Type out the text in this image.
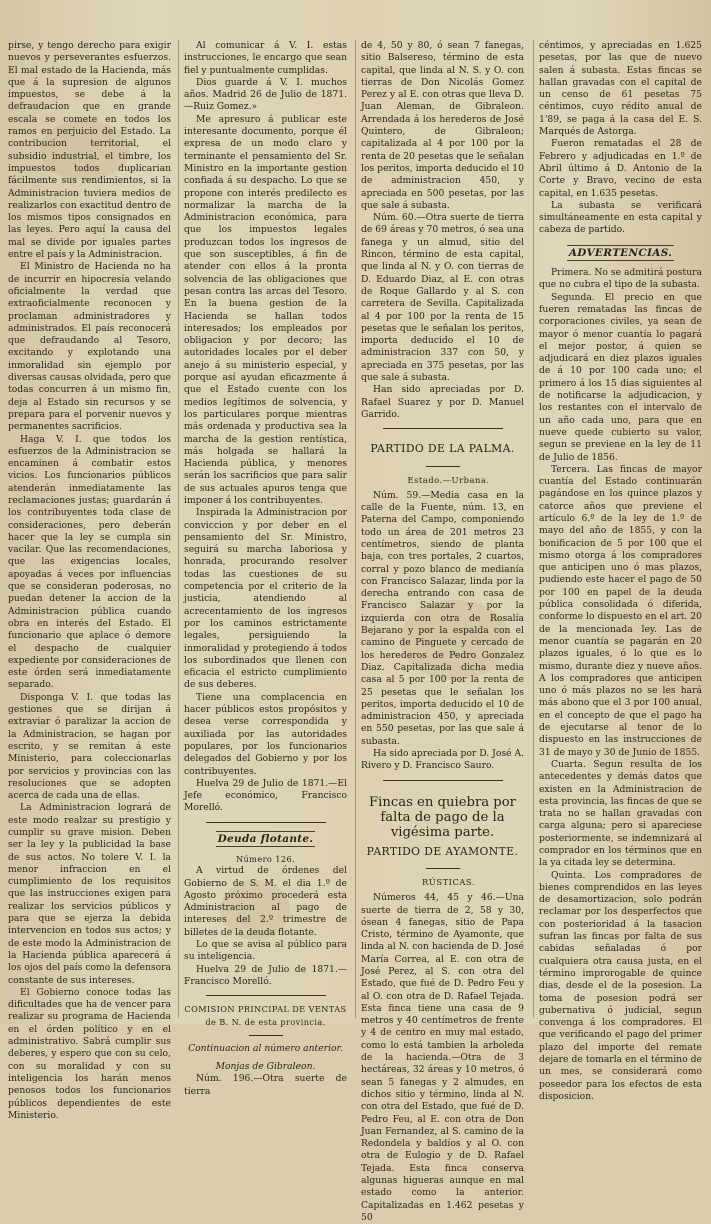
pirse, y tengo derecho para exigir nuevos y perseverantes esfuerzos. El mal estado de la Hacienda, más que á la supresion de algunos impuestos, se debe á la defraudacion que en grande escala se comete en todos los ramos en perjuicio del Estado. La contribucion territorial, el subsidio industrial, el timbre, los impuestos todos duplicarian fácilmente sus rendimientos, si la Administracion tuviera medios de realizarlos con exactitud dentro de los mismos tipos consignados en las leyes. Pero aquí la causa del mal se divide por iguales partes entre el país y la Administracion.

El Ministro de Hacienda no ha de incurrir en hipocresía velando oficialmente la verdad que extraoficialmente reconocen y proclaman administradores y administrados. El país reconocerá que defraudando al Tesoro, excitando y explotando una inmoralidad sin ejemplo por diversas causas olvidada, pero que todas concurren á un mismo fin, deja al Estado sin recursos y se prepara para el porvenir nuevos y permanentes sacrificios.

Haga V. I. que todos los esfuerzos de la Administracion se encaminen á combatir estos vicios. Los funcionarios públicos atenderán inmediatamente las reclamaciones justas; guardarán á los contribuyentes toda clase de consideraciones, pero deberán hacer que la ley se cumpla sin vacilar. Que las recomendaciones, que las exigencias locales, apoyadas á veces por influencias que se consideran poderosas, no puedan detener la accion de la Administracion pública cuando obra en interés del Estado. El funcionario que aplace ó demore el despacho de cualquier expediente por consideraciones de este órden será inmediatamente separado.

Disponga V. I. que todas las gestiones que se dirijan á extraviar ó paralizar la accion de la Administracion, se hagan por escrito, y se remitan á este Ministerio, para coleccionarlas por servicios y provincias con las resoluciones que se adopten acerca de cada una de ellas.

La Administracion logrará de este modo realzar su prestigio y cumplir su grave mision. Deben ser la ley y la publicidad la base de sus actos. No tolere V. I. la menor infraccion en el cumplimiento de los requisitos que las instrucciones exigen para realizar los servicios públicos y para que se ejerza la debida intervencion en todos sus actos; y de este modo la Administracion de la Hacienda pública aparecerá á los ojos del país como la defensora constante de sus intereses.

El Gobierno conoce todas las dificultades que ha de vencer para realizar su programa de Hacienda en el órden político y en el administrativo. Sabrá cumplir sus deberes, y espero que con su celo, con su moralidad y con su inteligencia los harán menos penosos todos los funcionarios públicos dependientes de este Ministerio.

Al comunicar á V. I. estas instrucciones, le encargo que sean fiel y puntualmente cumplidas.

Dios guarde á V. I. muchos años. Madrid 26 de Julio de 1871.—Ruiz Gomez.»

Me apresuro á publicar este interesante documento, porque él expresa de un modo claro y terminante el pensamiento del Sr. Ministro en la importante gestion confiada á su despacho. Lo que se propone con interés predilecto es normalizar la marcha de la Administracion económica, para que los impuestos legales produzcan todos los ingresos de que son susceptibles, á fin de atender con ellos á la pronta solvencia de las obligaciones que pesan contra las arcas del Tesoro. En la buena gestion de la Hacienda se hallan todos interesados; los empleados por obligacion y por decoro; las autoridades locales por el deber anejo á su ministerio especial, y porque así ayudan eficazmente á que el Estado cuente con los medios legítimos de solvencia, y los particulares porque mientras más ordenada y productiva sea la marcha de la gestion rentística, más holgada se hallará la Hacienda pública, y menores serán los sacrificios que para salir de sus actuales apuros tenga que imponer á los contribuyentes.

Inspirada la Administracion por conviccion y por deber en el pensamiento del Sr. Ministro, seguirá su marcha laboriosa y honrada, procurando resolver todas las cuestiones de su competencia por el criterio de la justicia, atendiendo al acrecentamiento de los ingresos por los caminos estrictamente legales, persiguiendo la inmoralidad y protegiendo á todos los subordinados que llenen con eficacia el estricto cumplimiento de sus deberes.

Tiene una complacencia en hacer públicos estos propósitos y desea verse correspondida y auxiliada por las autoridades populares, por los funcionarios delegados del Gobierno y por los contribuyentes.

Huelva 29 de Julio de 1871.—El Jefe económico, Francisco Morelló.

Deuda flotante.

Número 126.

A virtud de órdenes del Gobierno de S. M. el dia 1.º de Agosto próximo procederá esta Administracion al pago de intereses del 2.º trimestre de billetes de la deuda flotante.

Lo que se avisa al público para su inteligencia.

Huelva 29 de Julio de 1871.—Francisco Morelló.

COMISION PRINCIPAL DE VENTAS

de B. N. de esta provincia.

Continuacion al número anterior.

Monjas de Gibraleon.

Núm. 196.—Otra suerte de tierra

de 4, 50 y 80, ó sean 7 fanegas, sitio Balsereso, término de esta capital, que linda al N. S. y O. con tierras de Don Nicolás Gomez Perez y al E. con otras que lleva D. Juan Aleman, de Gibraleon. Arrendada á los herederos de José Quintero, de Gibraleon; capitalizada al 4 por 100 por la renta de 20 pesetas que le señalan los peritos, importa deducido el 10 de administracion 450, y apreciada en 500 pesetas, por las que sale á subasta.

Núm. 60.—Otra suerte de tierra de 69 áreas y 70 metros, ó sea una fanega y un almud, sitio del Rincon, término de esta capital, que linda al N. y O. con tierras de D. Eduardo Diaz, al E. con otras de Roque Gallardo y al S. con carretera de Sevilla. Capitalizada al 4 por 100 por la renta de 15 pesetas que le señalan los peritos, importa deducido el 10 de administracion 337 con 50, y apreciada en 375 pesetas, por las que sale á subasta.

Han sido apreciadas por D. Rafael Suarez y por D. Manuel Garrido.

PARTIDO DE LA PALMA.

Estado.—Urbana.

Núm. 59.—Media casa en la calle de la Fuente, núm. 13, en Paterna del Campo, componiendo todo un área de 201 metros 23 centímetros, siendo de planta baja, con tres portales, 2 cuartos, corral y pozo blanco de medianía con Francisco Salazar, linda por la derecha entrando con casa de Francisco Salazar y por la izquierda con otra de Rosalía Bejarano y por la espalda con el camino de Pinguete y cercado de los herederos de Pedro Gonzalez Diaz. Capitalizada dicha media casa al 5 por 100 por la renta de 25 pesetas que le señalan los peritos, importa deducido el 10 de administracion 450, y apreciada en 550 pesetas, por las que sale á subasta.

Ha sido apreciada por D. José A. Rivero y D. Francisco Sauro.

Fincas en quiebra por falta de pago de la vigésima parte.
PARTIDO DE AYAMONTE.

RÚSTICAS.

Números 44, 45 y 46.—Una suerte de tierra de 2, 58 y 30, ósean 4 fanegas, sitio de Papa Cristo, término de Ayamonte, que linda al N. con hacienda de D. José María Correa, al E. con otra de José Perez, al S. con otra del Estado, que fué de D. Pedro Feu y al O. con otra de D. Rafael Tejada. Esta finca tiene una casa de 9 metros y 40 centímetros de frente y 4 de centro en muy mal estado, como lo está tambien la arboleda de la hacienda.—Otra de 3 hectáreas, 32 áreas y 10 metros, ó sean 5 fanegas y 2 almudes, en dichos sitio y término, linda al N. con otra del Estado, que fué de D. Pedro Feu, al E. con otra de Don Juan Fernandez, al S. camino de la Redondela y baldíos y al O. con otra de Eulogio y de D. Rafael Tejada. Esta finca conserva algunas higueras aunque en mal estado como la anterior. Capitalizadas en 1.462 pesetas y 50

céntimos, y apreciadas en 1.625 pesetas, por las que de nuevo salen á subasta. Estas fincas se hallan gravadas con el capital de un censo de 61 pesetas 75 céntimos, cuyo rédito anual de 1'89, se paga á la casa del E. S. Marqués de Astorga.

Fueron rematadas el 28 de Febrero y adjudicadas en 1.º de Abril último á D. Antonio de la Corte y Bravo, vecino de esta capital, en 1.635 pesetas.

La subasta se verificará simultáneamente en esta capital y cabeza de partido.

ADVERTENCIAS.

Primera. No se admitirá postura que no cubra el tipo de la subasta.

Segunda. El precio en que fueren rematadas las fincas de corporaciones civiles, ya sean de mayor ó menor cuantía lo pagará el mejor postor, á quien se adjudicará en diez plazos iguales de á 10 por 100 cada uno; el primero á los 15 dias siguientes al de notificarse la adjudicacion, y los restantes con el intervalo de un año cada uno, para que en nueve quede cubierto su valor, segun se previene en la ley de 11 de Julio de 1856.

Tercera. Las fincas de mayor cuantía del Estado continuarán pagándose en los quince plazos y catorce años que previene el artículo 6.º de la ley de 1.º de mayo del año de 1855, y con la bonificacion de 5 por 100 que el mismo otorga á los compradores que anticipen uno ó mas plazos, pudiendo este hacer el pago de 50 por 100 en papel de la deuda pública consolidada ó diferida, conforme lo dispuesto en el art. 20 de la mencionada ley. Las de menor cuantía se pagarán en 20 plazos iguales, ó lo que es lo mismo, durante diez y nueve años. A los compradores que anticipen uno ó más plazos no se les hará más abono que el 3 por 100 anual, en el concepto de que el pago ha de ejecutarse al tenor de lo dispuesto en las instrucciones de 31 de mayo y 30 de Junio de 1855.

Cuarta. Segun resulta de los antecedentes y demás datos que existen en la Administracion de esta provincia, las fincas de que se trata no se hallan gravadas con carga alguna; pero si apareciese posteriormente, se indemnizará al comprador en los términos que en la ya citada ley se determina.

Quinta. Los compradores de bienes comprendidos en las leyes de desamortizacion, solo podrán reclamar por los desperfectos que con posterioridad á la tasacion sufran las fincas por falta de sus cabidas señaladas ó por cualquiera otra causa justa, en el término improrogable de quince dias, desde el de la posesion. La toma de posesion podrá ser gubernativa ó judicial, segun convenga á los compradores. El que verificando el pago del primer plazo del importe del remate dejare de tomarla en el término de un mes, se considerará como poseedor para los efectos de esta disposicion.
